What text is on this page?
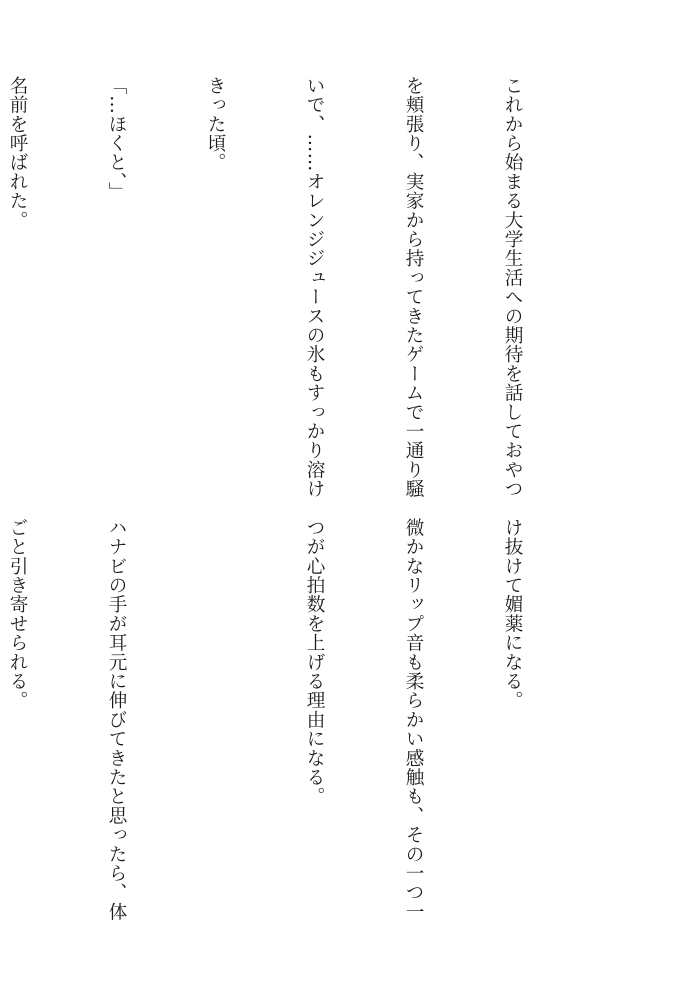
これから始まる大学生活への期待を話しておやつ

を頬張り、実家から持ってきたゲームで一通り騒

いで、……オレンジジュースの氷もすっかり溶け

きった頃。

「…ほくと、」

名前を呼ばれた。

け抜けて媚薬になる。

微かなリップ音も柔らかい感触も、その一つ一

つが心拍数を上げる理由になる。

ハナビの手が耳元に伸びてきたと思ったら、体

ごと引き寄せられる。
